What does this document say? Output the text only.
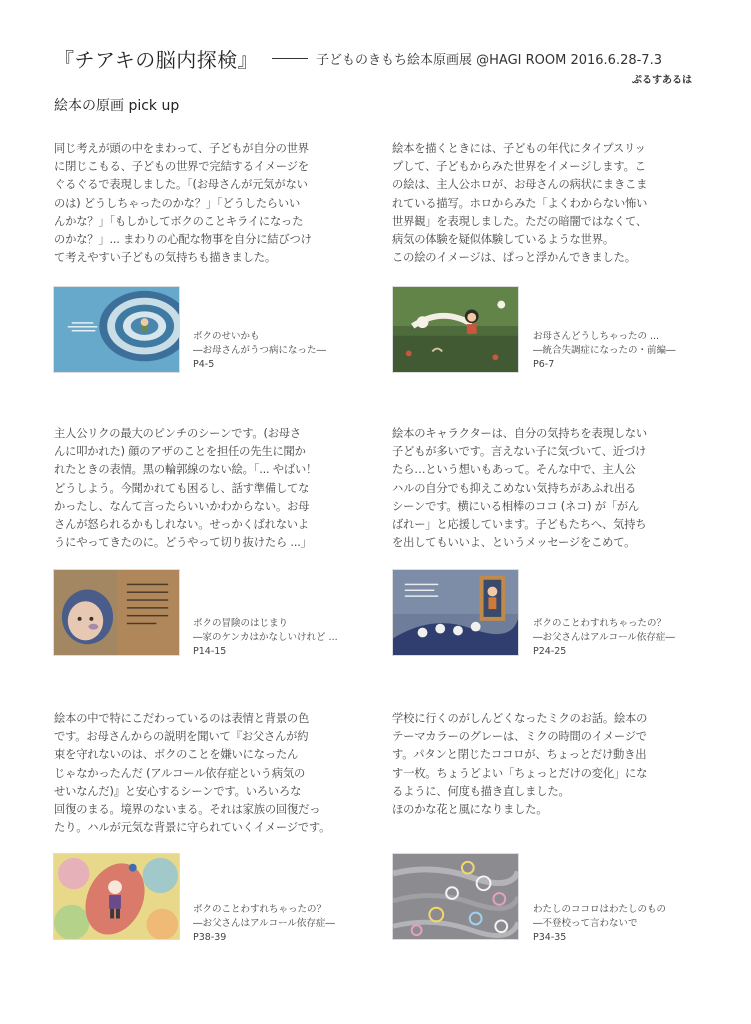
『チアキの脳内探検』	子どものきもち絵本原画展 @HAGI ROOM 2016.6.28-7.3
ぷるすあるは
絵本の原画 pick up
同じ考えが頭の中をまわって、子どもが自分の世界
に閉じこもる、子どもの世界で完結するイメージを
ぐるぐるで表現しました。「(お母さんが元気がない
のは) どうしちゃったのかな？」「どうしたらいい
んかな？」「もしかしてボクのことキライになった
のかな？」... まわりの心配な物事を自分に結びつけ
て考えやすい子どもの気持ちも描きました。
ボクのせいかも
―お母さんがうつ病になった―
P4-5
絵本を描くときには、子どもの年代にタイプスリッ
プして、子どもからみた世界をイメージします。こ
の絵は、主人公ホロが、お母さんの病状にまきこま
れている描写。ホロからみた「よくわからない怖い
世界観」を表現しました。ただの暗闇ではなくて、
病気の体験を疑似体験しているような世界。
この絵のイメージは、ぱっと浮かんできました。
お母さんどうしちゃったの ...
―統合失調症になったの・前編―
P6-7
主人公リクの最大のピンチのシーンです。(お母さ
んに叩かれた) 顔のアザのことを担任の先生に聞か
れたときの表情。黒の輪郭線のない絵。「... やばい！
どうしよう。今聞かれても困るし、話す準備してな
かったし、なんて言ったらいいかわからない。お母
さんが怒られるかもしれない。せっかくばれないよ
うにやってきたのに。どうやって切り抜けたら ...」
ボクの冒険のはじまり
―家のケンカはかなしいけれど ...
P14-15
絵本のキャラクターは、自分の気持ちを表現しない
子どもが多いです。言えない子に気づいて、近づけ
たら…という想いもあって。そんな中で、主人公
ハルの自分でも抑えこめない気持ちがあふれ出る
シーンです。横にいる相棒のココ (ネコ) が「がん
ばれー」と応援しています。子どもたちへ、気持ち
を出してもいいよ、というメッセージをこめて。
ボクのことわすれちゃったの？
―お父さんはアルコール依存症―
P24-25
絵本の中で特にこだわっているのは表情と背景の色
です。お母さんからの説明を聞いて『お父さんが約
束を守れないのは、ボクのことを嫌いになったん
じゃなかったんだ (アルコール依存症という病気の
せいなんだ)』と安心するシーンです。いろいろな
回復のまる。境界のないまる。それは家族の回復だっ
たり。ハルが元気な背景に守られていくイメージです。
ボクのことわすれちゃったの？
―お父さんはアルコール依存症―
P38-39
学校に行くのがしんどくなったミクのお話。絵本の
テーマカラーのグレーは、ミクの時間のイメージで
す。パタンと閉じたココロが、ちょっとだけ動き出
す一枚。ちょうどよい「ちょっとだけの変化」にな
るように、何度も描き直しました。
ほのかな花と風になりました。
わたしのココロはわたしのもの
―不登校って言わないで
P34-35
